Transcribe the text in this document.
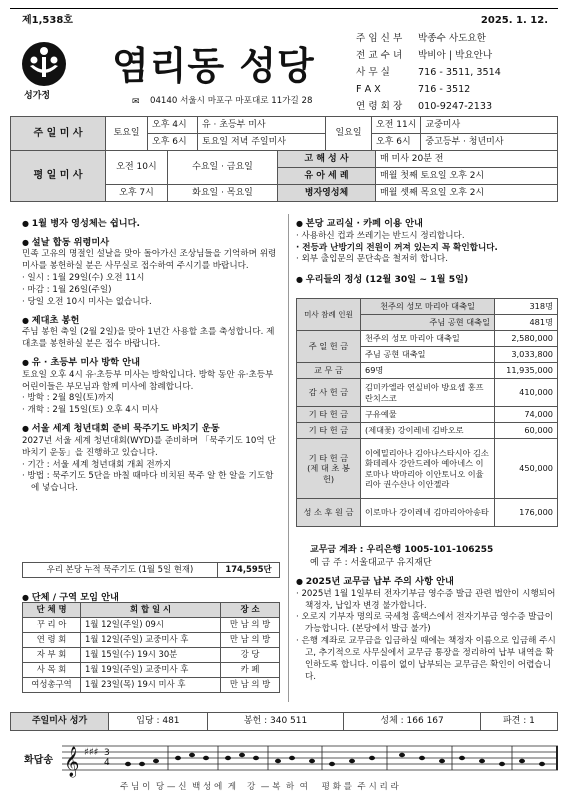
제1,538호	2025. 1. 12.
성가정
염리동 성당
✉ 04140 서울시 마포구 마포대로 11가길 28
주 임 신 부 박종수 사도요한
전 교 수 녀 박비아 | 박요안나
사 무 실	716 - 3511, 3514
F A X	716 - 3512
연 령 회 장 010-9247-2133
주 일 미 사	토요일	오후 4시	유 · 초등부 미사	일요일	오전 11시	교중미사
		오후 6시	토요일 저녁 주일미사		오후 6시	중고등부 · 청년미사
평 일 미 사	오전 10시	수요일 · 금요일	고 해 성 사	매 미사 20분 전
			유 아 세 례	매월 첫째 토요일 오후 2시
	오후 7시	화요일 · 목요일	병자영성체	매월 셋째 목요일 오후 2시
● 1월 병자 영성체는 쉽니다.
● 설날 합동 위령미사

민족 고유의 명절인 설날을 맞아 돌아가신 조상님들을 기억하며 위령미사를 봉헌하실 분은 사무실로 접수하여 주시기를 바랍니다.

· 일시 : 1월 29일(수) 오전 11시
· 마감 : 1월 26일(주일)
· 당일 오전 10시 미사는 없습니다.
● 제대초 봉헌

주님 봉헌 축일 (2월 2일)을 맞아 1년간 사용할 초를 축성합니다. 제대초를 봉헌하실 분은 접수 바랍니다.

● 유 · 초등부 미사 방학 안내

토요일 오후 4시 유·초등부 미사는 방학입니다. 방학 동안 유·초등부 어린이들은 부모님과 함께 미사에 참례합니다.

· 방학 : 2월 8일(토)까지
· 개학 : 2월 15일(토) 오후 4시 미사
● 서울 세계 청년대회 준비 묵주기도 바치기 운동

2027년 서울 세계 청년대회(WYD)를 준비하며 「묵주기도 10억 단 바치기 운동」을 진행하고 있습니다.

· 기간 : 서울 세계 청년대회 개최 전까지
· 방법 : 묵주기도 5단을 바칠 때마다 비치된 묵주 알 한 알을 기도함에 넣습니다.
우리 본당 누적 묵주기도 (1월 5일 현재)	174,595단
● 단체 / 구역 모임 안내
단 체 명	회 합 일 시	장 소
꾸 리 아	1월 12일(주일) 09시	만 남 의 방
연 령 회	1월 12일(주일) 교중미사 후	만 남 의 방
자 부 회	1월 15일(수) 19시 30분	강 당
사 목 회	1월 19일(주일) 교중미사 후	카 페
여성총구역	1월 23일(목) 19시 미사 후	만 남 의 방
● 본당 교리실 · 카페 이용 안내
· 사용하신 컵과 쓰레기는 반드시 정리합니다.
· 전등과 난방기의 전원이 꺼져 있는지 꼭 확인합니다.
· 외부 출입문의 문단속을 철저히 합니다.
● 우리들의 정성 (12월 30일 ~ 1월 5일)
미사 참례 인원	천주의 성모 마리아 대축일	318명
	주님 공현 대축일	481명
주 일 헌 금	천주의 성모 마리아 대축일	2,580,000
	주님 공현 대축일	3,033,800
교 무 금	69명	11,935,000
감 사 헌 금	김미카엘라 연실비아 방요셉 홍프란치스코	410,000
기 타 헌 금	구유예물	74,000
기 타 헌 금	(제대꽃) 강이레네 김바오로	60,000
기 타 헌 금
(제 대 초 봉 헌)	이에밀리아나 김아나스타시아 김소화데레사 강안드레아 예아네스 이로마나 박마리아 이안토니오 이율리아 권수산나 이안젤라	450,000
성 소 후 원 금	이로마나 강이레네 김마리아아송타	176,000
교무금 계좌 : 우리은행 1005-101-106255
예 금 주 : 서울대교구 유지재단
● 2025년 교무금 납부 주의 사항 안내
· 2025년 1월 1일부터 전자기부금 영수증 발급 관련 법안이 시행되어 책정자, 납입자 변경 불가합니다.
· 오로지 기부자 명의로 국세청 홈택스에서 전자기부금 영수증 발급이 가능합니다. (본당에서 발급 불가)
· 은행 계좌로 교무금을 입금하실 때에는 책정자 이름으로 입금해 주시고, 추기적으로 사무실에서 교무금 통장을 정리하여 납부 내역을 확인하도록 합니다. 이름이 없이 납부되는 교무금은 확인이 어렵습니다.
주일미사 성가	입당 : 481	봉헌 : 340 511	성체 : 166 167	파견 : 1
화답송 𝄞 ♯♯♯ 3
4
주 님 이  당 — 신  백 성 에  게    강  — 복  하  여     평 화 를  주 시 리 라
